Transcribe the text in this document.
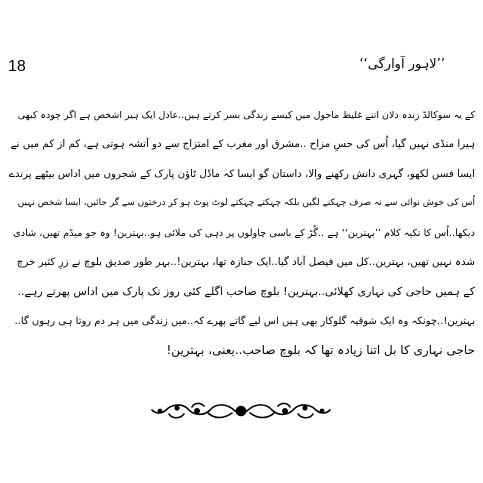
18	’’لاہور آوارگی‘‘
کے یہ سوکالڈ زندہ دلان اتنے غلیظ ماحول میں کیسے زندگی بسر کرتے ہیں..عادل ایک ہیر اشخص ہے اگر چودہ کبھی
ہیرا منڈی نہیں گیا، اُس کی حسِ مزاح ..مشرق اور مغرب کے امتزاج سے دو آتشہ ہوتی ہے، کم از کم میں نے
ایسا فسں لکھو، گہری دانش رکھنے والا، داستان گو ایسا کہ ماڈل ٹاؤن پارک کے شجروں میں اداس بیٹھے پرندے
اُس کی خوش نوائی سے نہ صرف چہکنے لگیں بلکہ چہکتے چہکتے لوٹ پوٹ ہو کر درختوں سے گر جائیں، ایسا شخص نہیں
دیکھا..اُس کا تکیہ کلام ’’بہترین‘‘ ہے ..گُڑ کے باسی چاولوں پر دہی کی ملائی ہو..بہترین! وہ جو میڈم تھیں، شادی
شدہ نہیں تھیں، بہترین..کل میں فیصل آباد گیا..ایک جنازہ تھا، بہترین!..بہر طور صدیق بلوچ نے زرِ کثیر خرچ
کے ہمیں حاجی کی نہاری کھلائی..بہترین! بلوچ صاحب اگلے کئی روز تک پارک میں اداس پھرتے رہے..
بہترین!..چونکہ وہ ایک شوقیہ گلوکار بھی ہیں اس لیے گاتے پھرے کہ..میں زندگی میں ہر دم روتا ہی رہوں گا..
حاجی نہاری کا بل اتنا زیادہ تھا کہ بلوچ صاحب..یعنی، بہترین!
